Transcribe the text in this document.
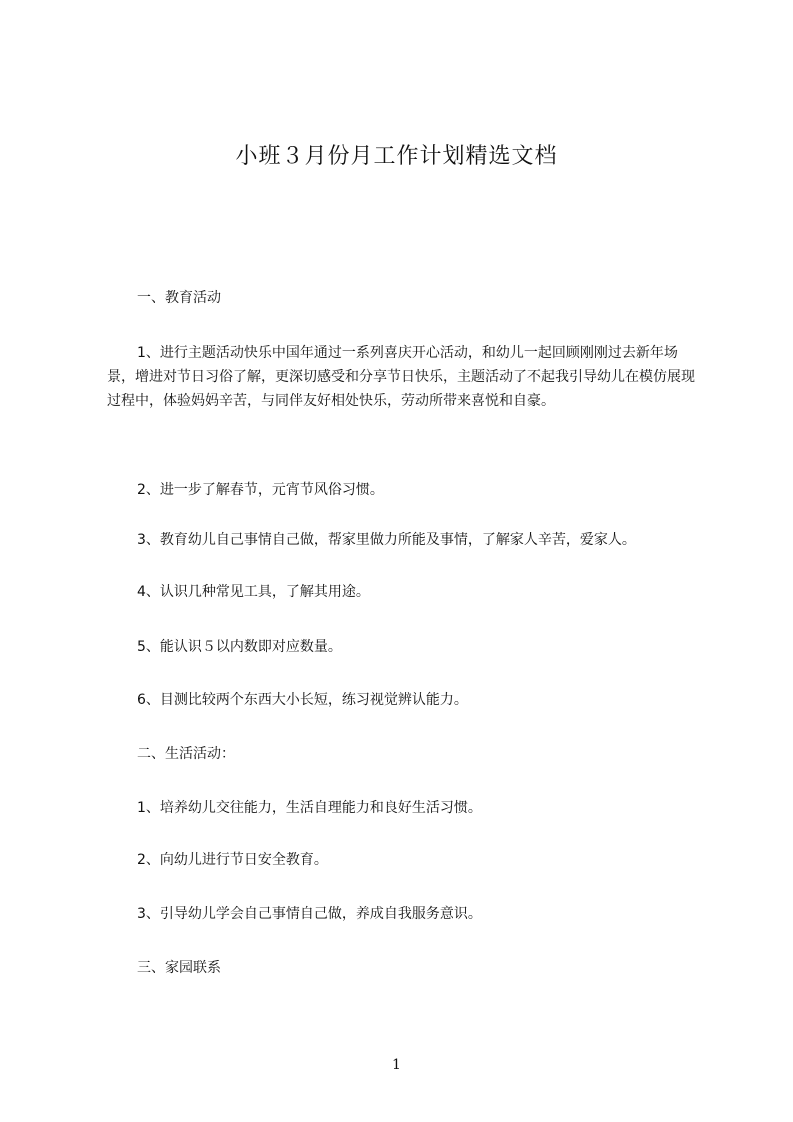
小班３月份月工作计划精选文档

一、教育活动

1、进行主题活动快乐中国年通过一系列喜庆开心活动，和幼儿一起回顾刚刚过去新年场景，增进对节日习俗了解，更深切感受和分享节日快乐，主题活动了不起我引导幼儿在模仿展现过程中，体验妈妈辛苦，与同伴友好相处快乐，劳动所带来喜悦和自豪。

2、进一步了解春节，元宵节风俗习惯。

3、教育幼儿自己事情自己做，帮家里做力所能及事情，了解家人辛苦，爱家人。

4、认识几种常见工具，了解其用途。

5、能认识５以内数即对应数量。

6、目测比较两个东西大小长短，练习视觉辨认能力。

二、生活活动：

1、培养幼儿交往能力，生活自理能力和良好生活习惯。

2、向幼儿进行节日安全教育。

3、引导幼儿学会自己事情自己做，养成自我服务意识。

三、家园联系

1
